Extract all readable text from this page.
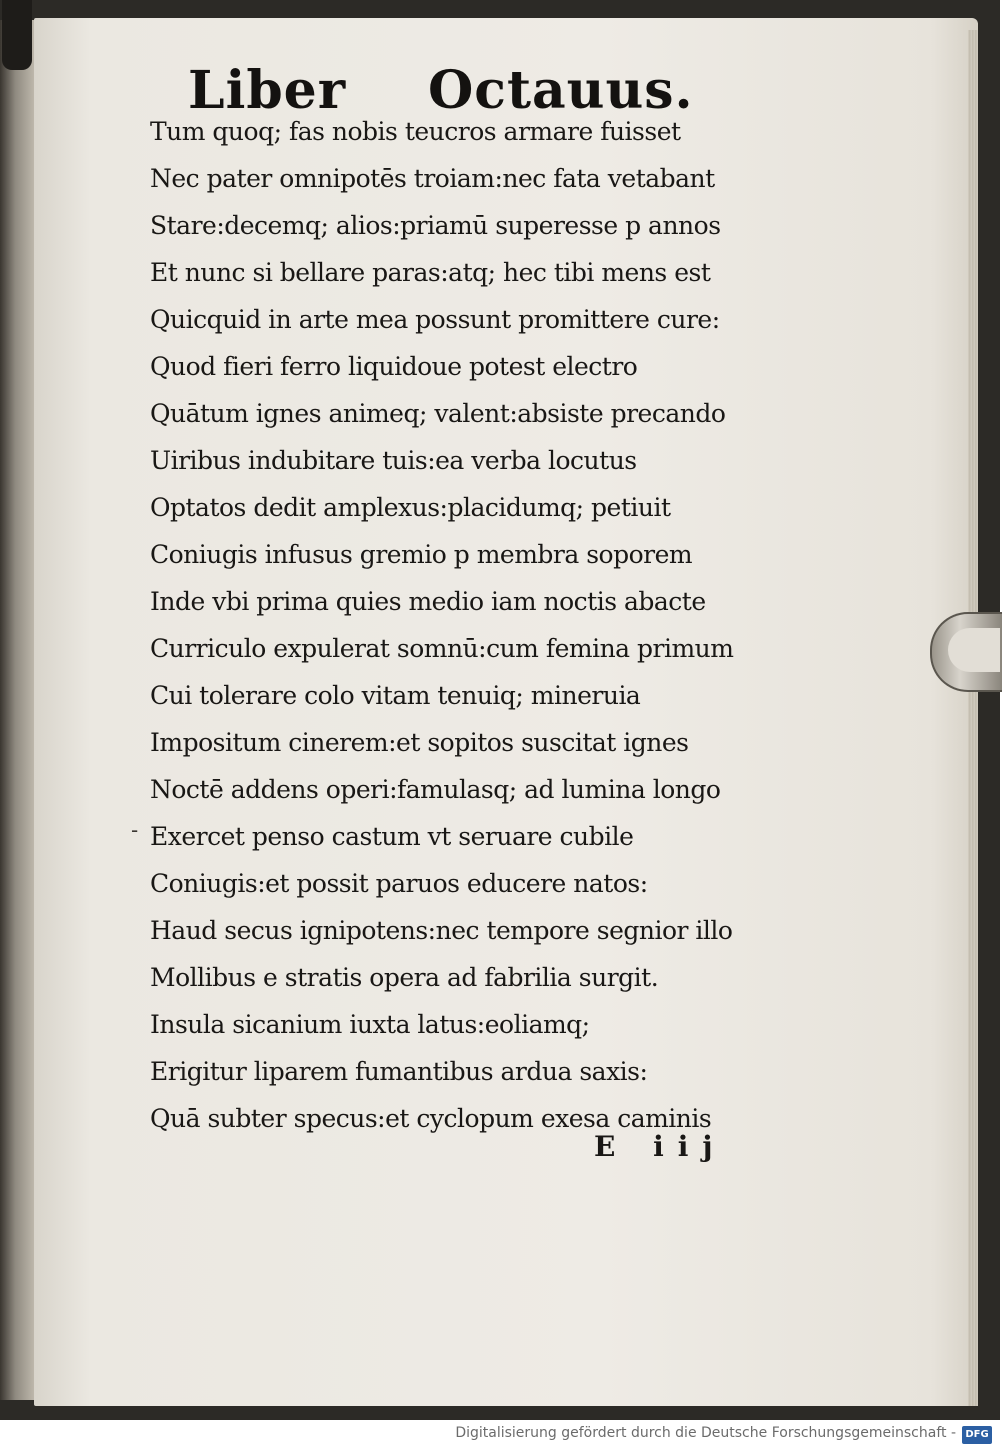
Liber Octauus.
Tum quoq; fas nobis teucros armare fuisset
Nec pater omnipotēs troiam:nec fata vetabant
Stare:decemq; alios:priamū superesse p annos
Et nunc si bellare paras:atq; hec tibi mens est
Quicquid in arte mea possunt promittere cure:
Quod fieri ferro liquidoue potest electro
Quātum ignes animeq; valent:absiste precando
Uiribus indubitare tuis:ea verba locutus
Optatos dedit amplexus:placidumq; petiuit
Coniugis infusus gremio p membra soporem
Inde vbi prima quies medio iam noctis abacte
Curriculo expulerat somnū:cum femina primum
Cui tolerare colo vitam tenuiq; mineruia
Impositum cinerem:et sopitos suscitat ignes
Noctē addens operi:famulasq; ad lumina longo
Exercet penso castum vt seruare cubile
Coniugis:et possit paruos educere natos:
Haud secus ignipotens:nec tempore segnior illo
Mollibus e stratis opera ad fabrilia surgit.
Insula sicanium iuxta latus:eoliamq;
Erigitur liparem fumantibus ardua saxis:
Quā subter specus:et cyclopum exesa caminis
-
E iij
Digitalisierung gefördert durch die Deutsche Forschungsgemeinschaft - DFG
